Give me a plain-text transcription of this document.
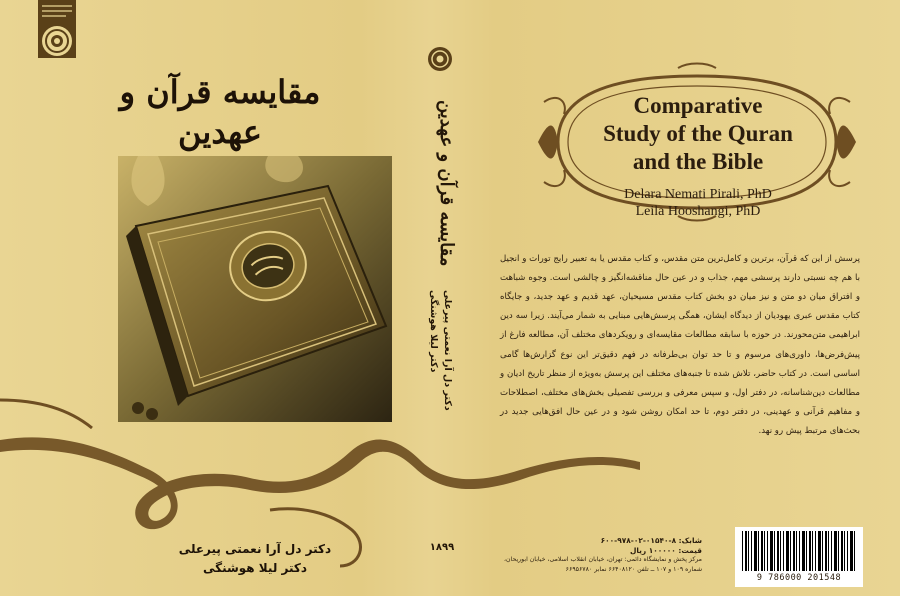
مقایسه قرآن و عهدین
دکتر دل آرا نعمتی پیرعلی
دکتر لیلا هوشنگی
مقایسه قرآن و عهدین
دکتر دل آرا نعمتی پیرعلی
دکتر لیلا هوشنگی
۱۸۹۹
Comparative
Study of the Quran
and the Bible
Delara Nemati Pirali, PhD
Leila Hooshangi, PhD

پرسش از این که قرآن، برترین و کامل‌ترین متن مقدس، و کتاب مقدس یا به تعبیر رایج تورات و انجیل با هم چه نسبتی دارند پرسشی مهم، جذاب و در عین حال مناقشه‌انگیز و چالشی است. وجوه شباهت و افتراق میان دو متن و نیز میان دو بخش کتاب مقدس مسیحیان، عهد قدیم و عهد جدید، و جایگاه کتاب مقدس عبری یهودیان از دیدگاه ایشان، همگی پرسش‌هایی مبنایی به شمار می‌آیند. زیرا سه دین ابراهیمی متن‌محورند. در حوزه با سابقه مطالعات مقایسه‌ای و رویکردهای مختلف آن، مطالعه فارغ از پیش‌فرض‌ها، داوری‌های مرسوم و تا حد توان بی‌طرفانه در فهم دقیق‌تر این نوع گزارش‌ها گامی اساسی است. در کتاب حاضر، تلاش شده تا جنبه‌های مختلف این پرسش به‌ویژه از منظر تاریخ ادیان و مطالعات دین‌شناسانه، در دفتر اول، و سپس معرفی و بررسی تفصیلی بخش‌های مختلف، اصطلاحات و مفاهیم قرآنی و عهدینی، در دفتر دوم، تا حد امکان روشن شود و در عین حال افق‌هایی جدید در بحث‌های مرتبط پیش رو نهد.

شابک: ۸-۰۱۵۴۰-۰۲-۹۷۸-۶۰۰
قیمت: ۱۰۰۰۰۰ ریال
مرکز پخش و نمایشگاه دائمی: تهران، خیابان انقلاب اسلامی، خیابان ابوریحان،
شماره ۱۰۹ و ۱۰۷ ــ تلفن ۶۶۴۰۸۱۲۰ نمابر ۶۶۹۵۶۷۸۰
9 786000 201548
